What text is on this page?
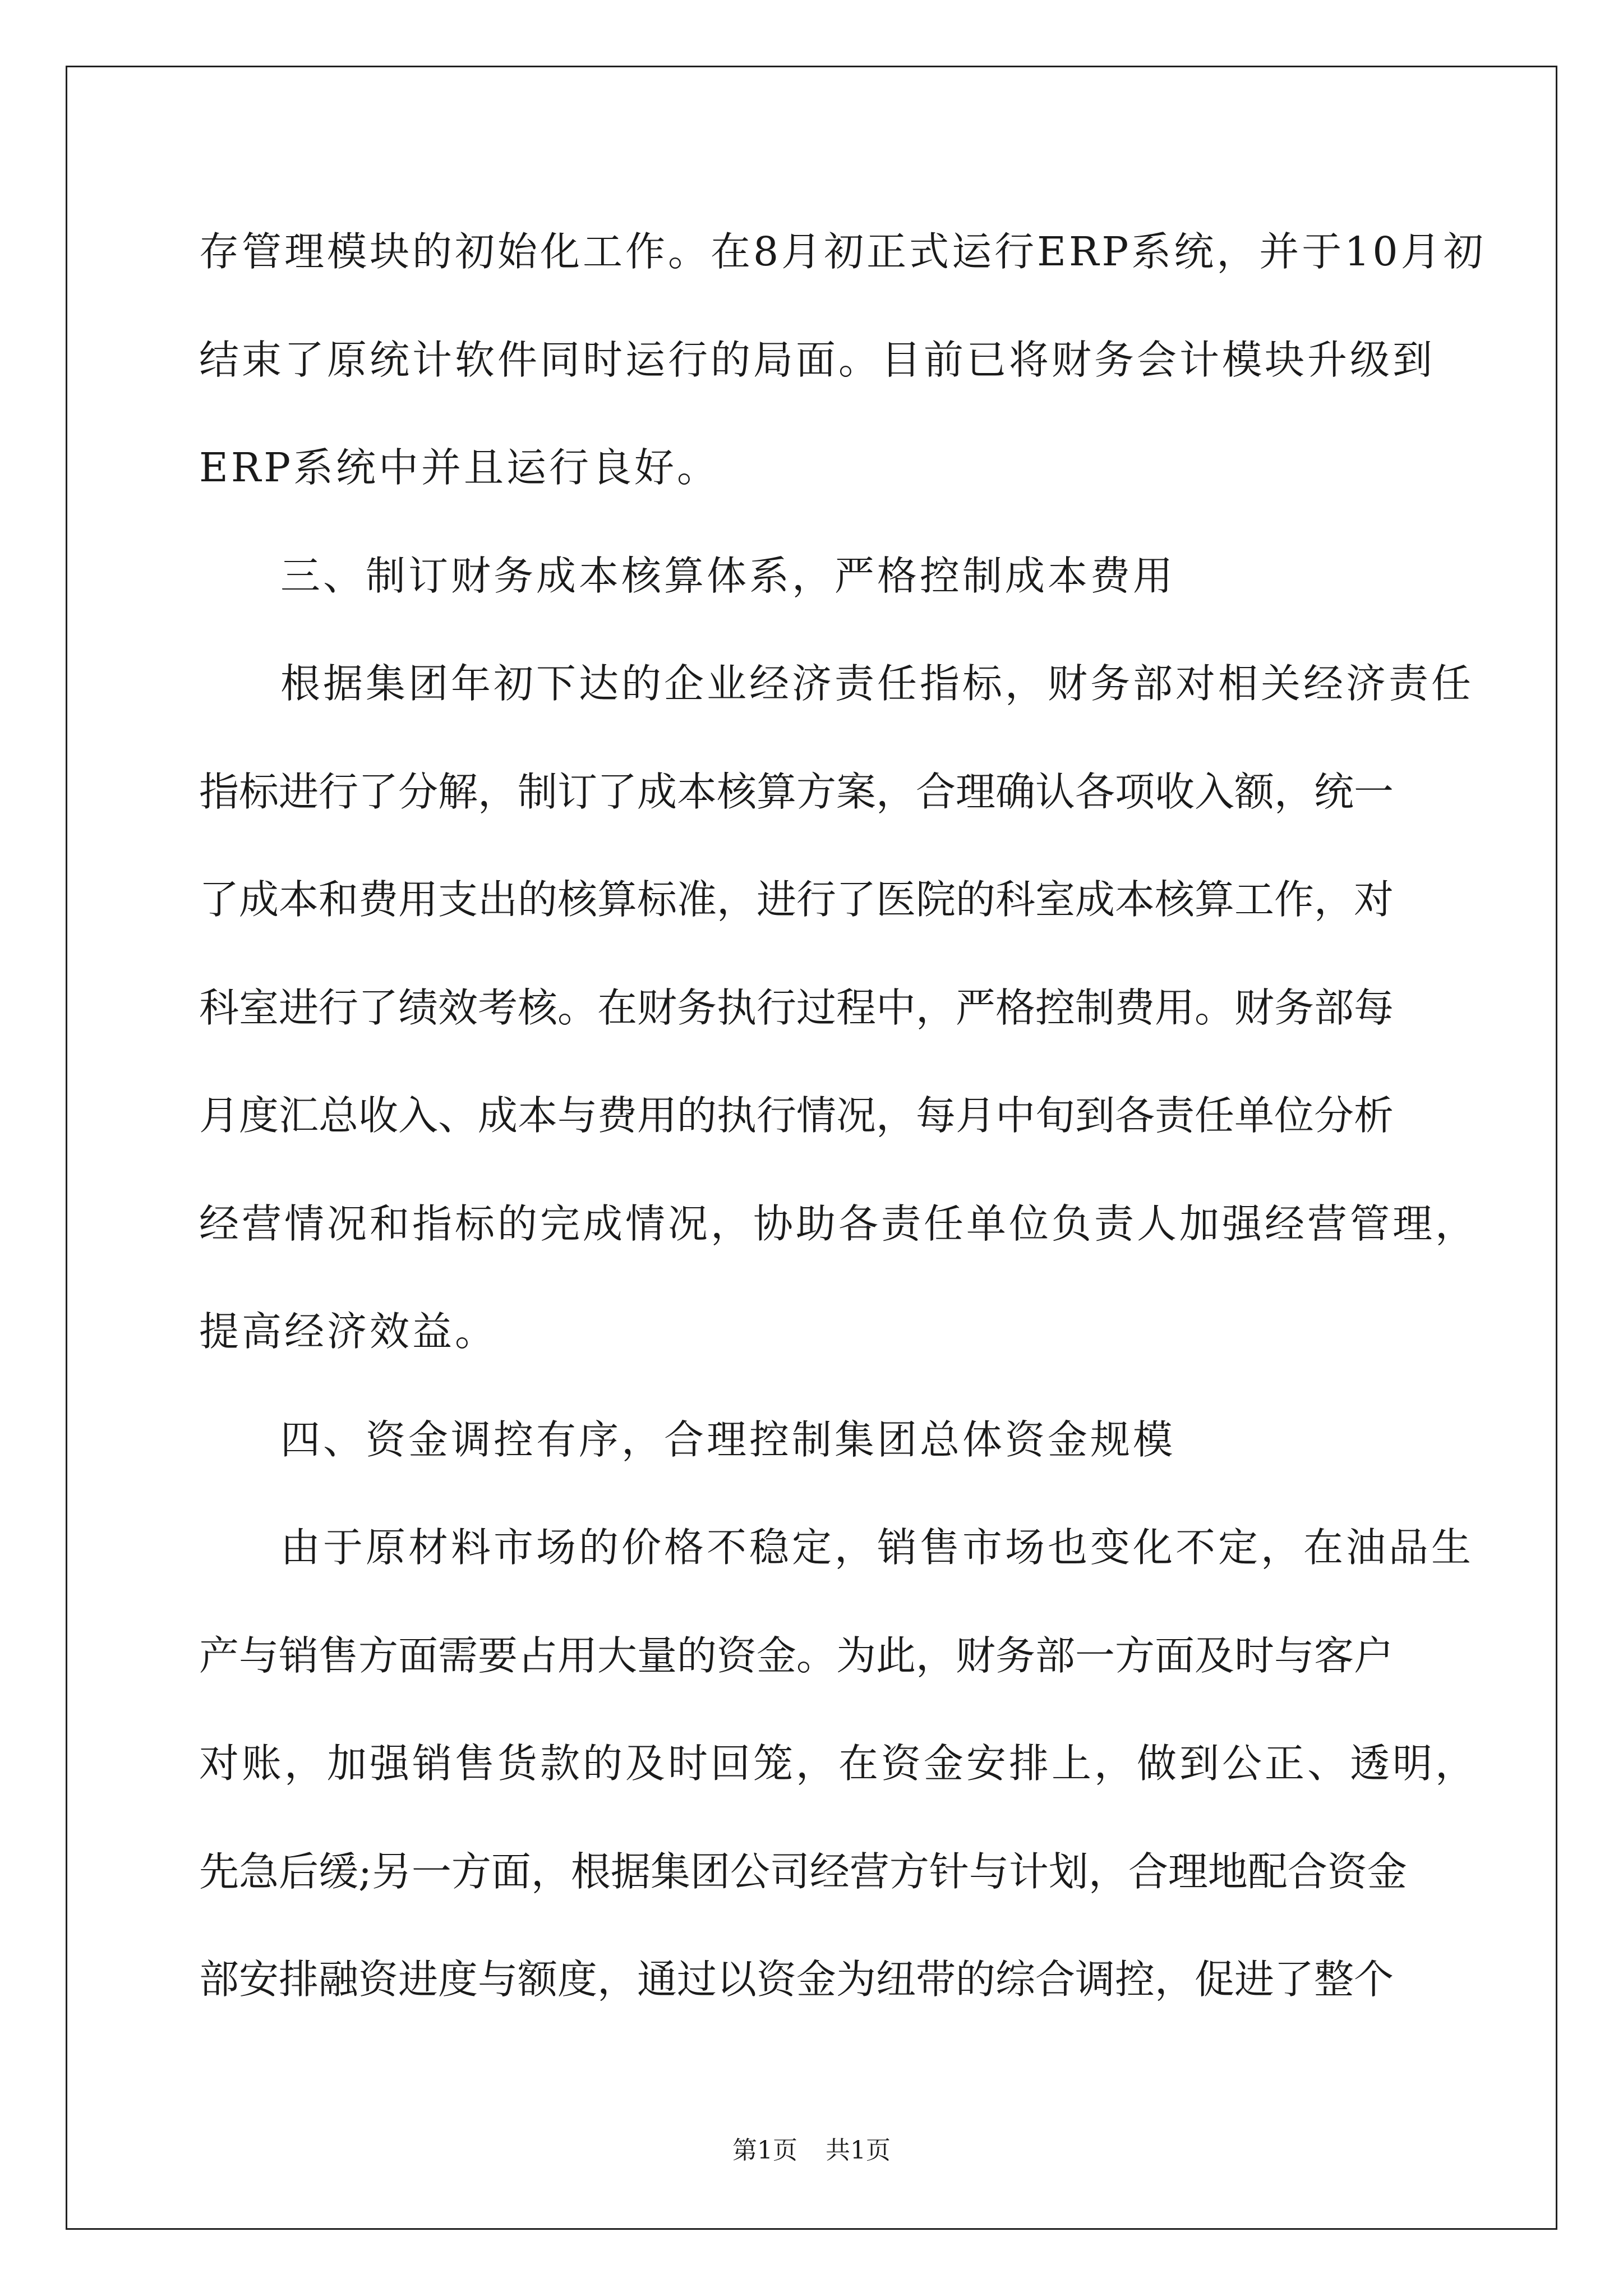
存管理模块的初始化工作。在8月初正式运行ERP系统，并于10月初
结束了原统计软件同时运行的局面。目前已将财务会计模块升级到
ERP系统中并且运行良好。
三、制订财务成本核算体系，严格控制成本费用
根据集团年初下达的企业经济责任指标，财务部对相关经济责任
指标进行了分解，制订了成本核算方案，合理确认各项收入额，统一
了成本和费用支出的核算标准，进行了医院的科室成本核算工作，对
科室进行了绩效考核。在财务执行过程中，严格控制费用。财务部每
月度汇总收入、成本与费用的执行情况，每月中旬到各责任单位分析
经营情况和指标的完成情况，协助各责任单位负责人加强经营管理，
提高经济效益。
四、资金调控有序，合理控制集团总体资金规模
由于原材料市场的价格不稳定，销售市场也变化不定，在油品生
产与销售方面需要占用大量的资金。为此，财务部一方面及时与客户
对账，加强销售货款的及时回笼，在资金安排上，做到公正、透明，
先急后缓;另一方面，根据集团公司经营方针与计划，合理地配合资金
部安排融资进度与额度，通过以资金为纽带的综合调控，促进了整个
第1页 共1页
